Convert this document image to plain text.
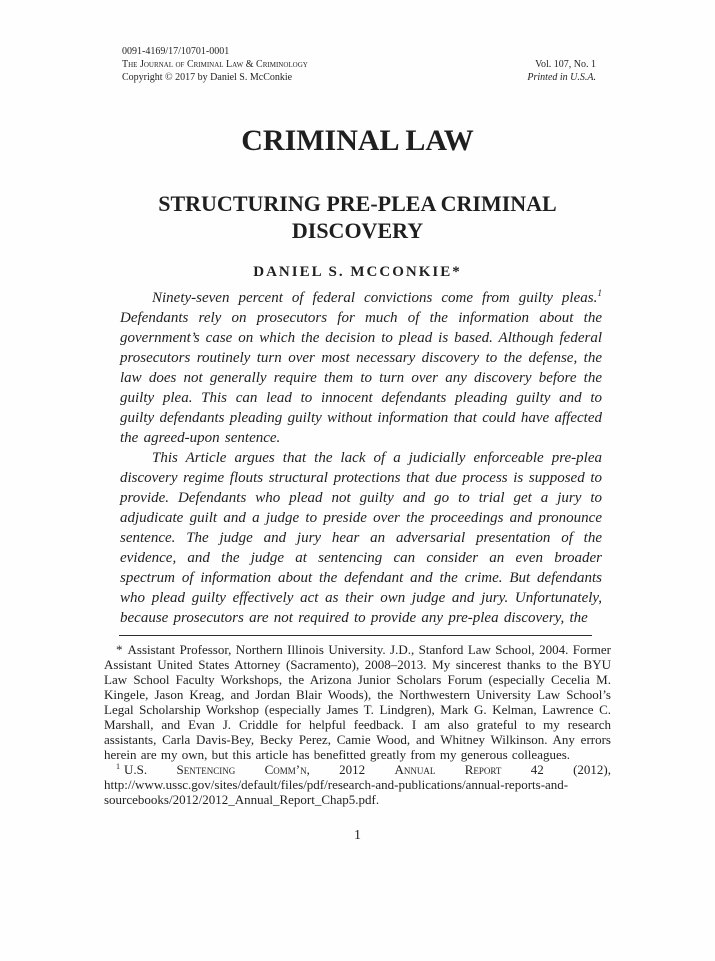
0091-4169/17/10701-0001
The Journal of Criminal Law & Criminology
Copyright © 2017 by Daniel S. McConkie
Vol. 107, No. 1
Printed in U.S.A.
CRIMINAL LAW
STRUCTURING PRE-PLEA CRIMINAL
DISCOVERY
DANIEL S. MCCONKIE*

Ninety-seven percent of federal convictions come from guilty pleas.$^1$ Defendants rely on prosecutors for much of the information about the government’s case on which the decision to plead is based. Although federal prosecutors routinely turn over most necessary discovery to the defense, the law does not generally require them to turn over any discovery before the guilty plea. This can lead to innocent defendants pleading guilty and to guilty defendants pleading guilty without information that could have affected the agreed-upon sentence.

This Article argues that the lack of a judicially enforceable pre-plea discovery regime flouts structural protections that due process is supposed to provide. Defendants who plead not guilty and go to trial get a jury to adjudicate guilt and a judge to preside over the proceedings and pronounce sentence. The judge and jury hear an adversarial presentation of the evidence, and the judge at sentencing can consider an even broader spectrum of information about the defendant and the crime. But defendants who plead guilty effectively act as their own judge and jury. Unfortunately, because prosecutors are not required to provide any pre-plea discovery, the

* Assistant Professor, Northern Illinois University. J.D., Stanford Law School, 2004. Former Assistant United States Attorney (Sacramento), 2008–2013. My sincerest thanks to the BYU Law School Faculty Workshops, the Arizona Junior Scholars Forum (especially Cecelia M. Kingele, Jason Kreag, and Jordan Blair Woods), the Northwestern University Law School’s Legal Scholarship Workshop (especially James T. Lindgren), Mark G. Kelman, Lawrence C. Marshall, and Evan J. Criddle for helpful feedback. I am also grateful to my research assistants, Carla Davis-Bey, Becky Perez, Camie Wood, and Whitney Wilkinson. Any errors herein are my own, but this article has benefitted greatly from my generous colleagues.

$^1$ U.S. Sentencing Comm’n, 2012 Annual Report 42 (2012), http://www.ussc.gov/sites/default/files/pdf/research-and-publications/annual-reports-and-sourcebooks/2012/2012_Annual_Report_Chap5.pdf.

1
